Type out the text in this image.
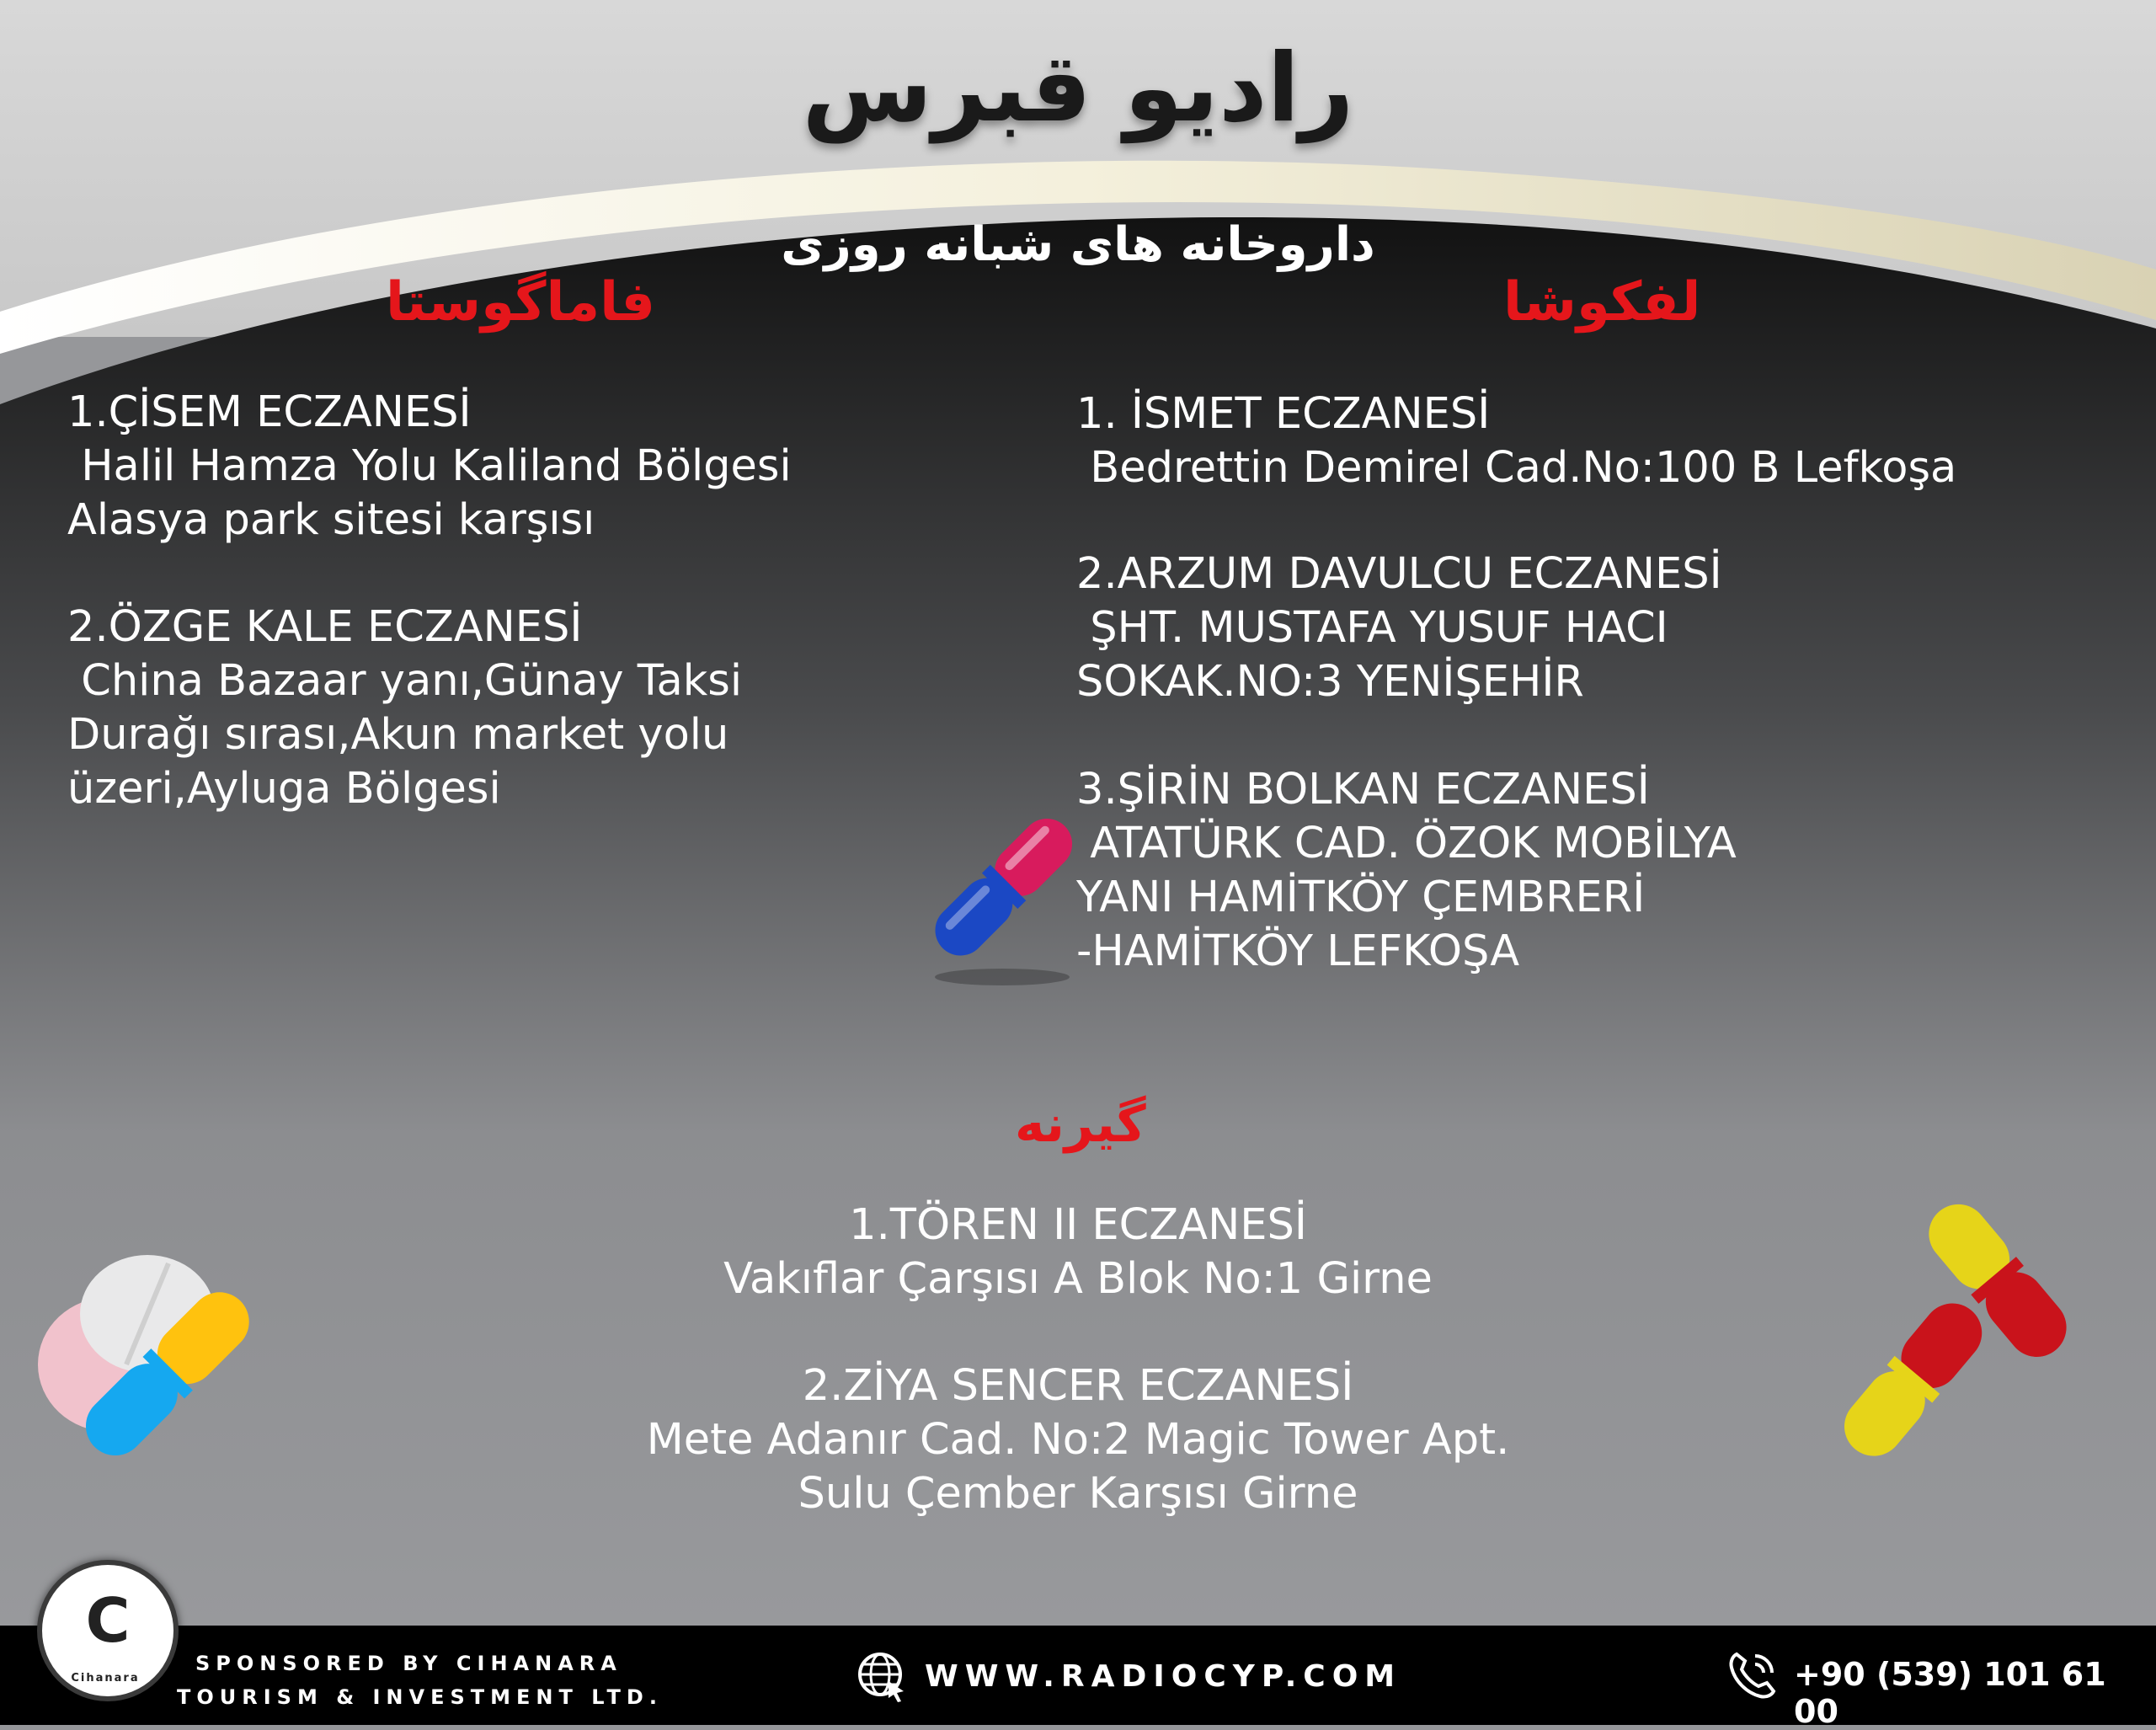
رادیو قبرس
داروخانه های شبانه روزی
فاماگوستا	لفکوشا
1.ÇİSEM ECZANESİ
Halil Hamza Yolu Kaliland Bölgesi
Alasya park sitesi karşısı
2.ÖZGE KALE ECZANESİ
China Bazaar yanı,Günay Taksi
Durağı sırası,Akun market yolu
üzeri,Ayluga Bölgesi
1. İSMET ECZANESİ
Bedrettin Demirel Cad.No:100 B Lefkoşa
2.ARZUM DAVULCU ECZANESİ
ŞHT. MUSTAFA YUSUF HACI
SOKAK.NO:3 YENİŞEHİR
3.ŞİRİN BOLKAN ECZANESİ
ATATÜRK CAD. ÖZOK MOBİLYA
YANI HAMİTKÖY ÇEMBRERİ
-HAMİTKÖY LEFKOŞA
گیرنه
1.TÖREN II ECZANESİ
Vakıflar Çarşısı A Blok No:1 Girne
2.ZİYA SENCER ECZANESİ
Mete Adanır Cad. No:2 Magic Tower Apt.
Sulu Çember Karşısı Girne
C
Cihanara
SPONSORED BY CIHANARA
TOURISM & INVESTMENT LTD.
WWW.RADIOCYP.COM	+90 (539) 101 61 00
